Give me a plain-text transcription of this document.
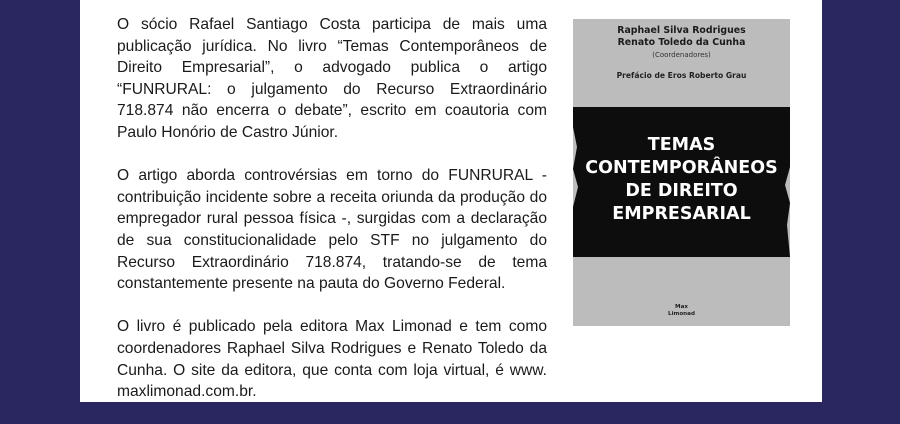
O sócio Rafael Santiago Costa participa de mais uma publicação jurídica. No livro “Temas Contemporâneos de Direito Empresarial”, o advogado publica o artigo “FUNRURAL: o julgamento do Recurso Extraordinário 718.874 não encerra o debate”, escrito em coautoria com Paulo Honório de Castro Júnior.

O artigo aborda controvérsias em torno do FUNRURAL - contribuição incidente sobre a receita oriunda da produção do empregador rural pessoa física -, surgidas com a declaração de sua constitucionalidade pelo STF no julgamento do Recurso Extraordinário 718.874, tratando-se de tema constantemente presente na pauta do Governo Federal.

O livro é publicado pela editora Max Limonad e tem como coordenadores Raphael Silva Rodrigues e Renato Toledo da Cunha. O site da editora, que conta com loja virtual, é www. maxlimonad.com.br.

Raphael Silva Rodrigues
Renato Toledo da Cunha
(Coordenadores)
Prefácio de Eros Roberto Grau
TEMAS
CONTEMPORÂNEOS
DE DIREITO
EMPRESARIAL
Max
Limonad
